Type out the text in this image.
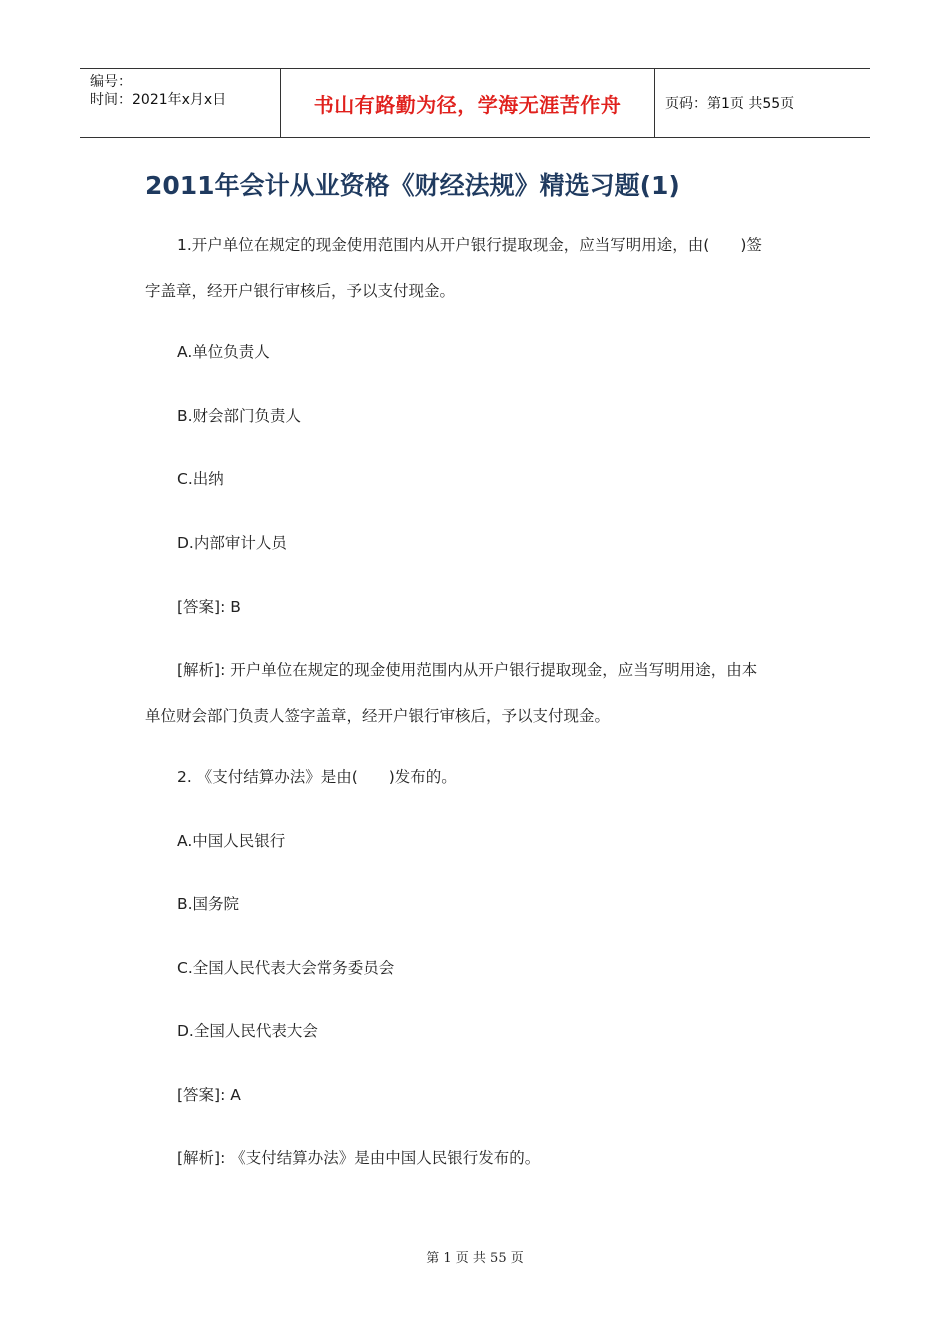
编号：
时间：2021年x月x日	书山有路勤为径，学海无涯苦作舟	页码：第1页 共55页
2011年会计从业资格《财经法规》精选习题(1)

1.开户单位在规定的现金使用范围内从开户银行提取现金，应当写明用途，由(　　)签

字盖章，经开户银行审核后，予以支付现金。

A.单位负责人

B.财会部门负责人

C.出纳

D.内部审计人员

[答案]: B

[解析]: 开户单位在规定的现金使用范围内从开户银行提取现金，应当写明用途，由本

单位财会部门负责人签字盖章，经开户银行审核后，予以支付现金。

2. 《支付结算办法》是由(　　)发布的。

A.中国人民银行

B.国务院

C.全国人民代表大会常务委员会

D.全国人民代表大会

[答案]: A

[解析]: 《支付结算办法》是由中国人民银行发布的。

第 1 页 共 55 页
